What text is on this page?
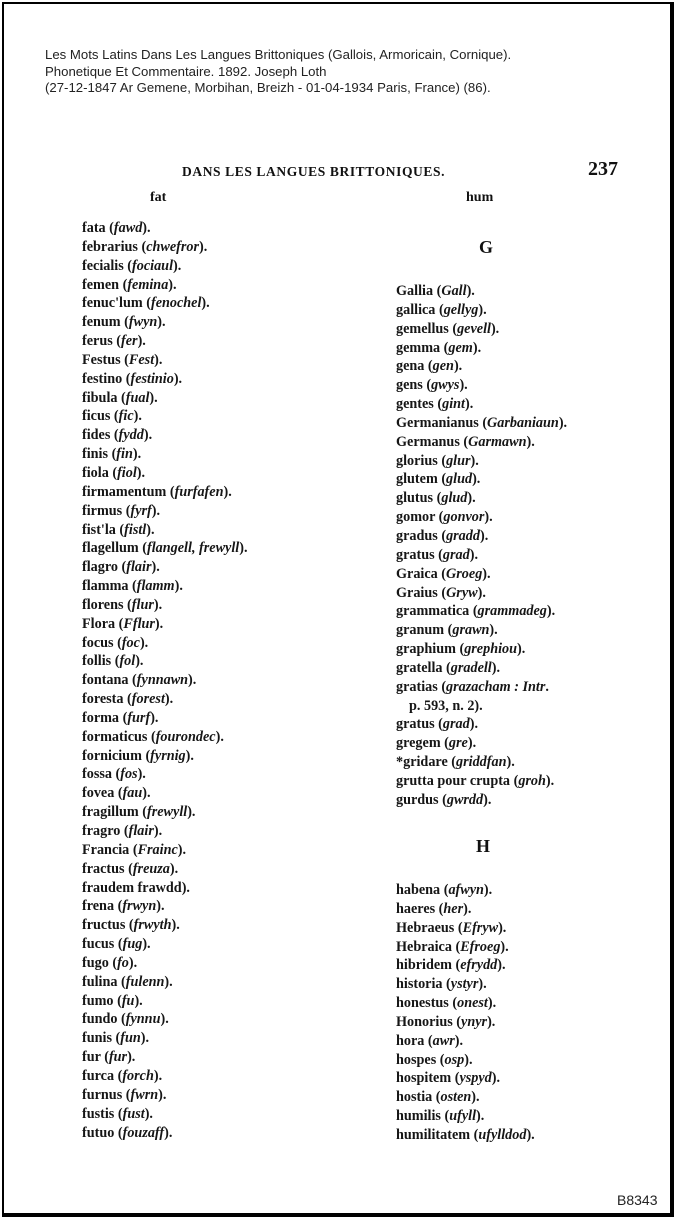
Les Mots Latins Dans Les Langues Brittoniques (Gallois, Armoricain, Cornique).
Phonetique Et Commentaire. 1892. Joseph Loth
(27-12-1847 Ar Gemene, Morbihan, Breizh - 01-04-1934 Paris, France) (86).
DANS LES LANGUES BRITTONIQUES.	237
fat	hum
fata (fawd).
febrarius (chwefror).
fecialis (fociaul).
femen (femina).
fenuc'lum (fenochel).
fenum (fwyn).
ferus (fer).
Festus (Fest).
festino (festinio).
fibula (fual).
ficus (fic).
fides (fydd).
finis (fin).
fiola (fiol).
firmamentum (furfafen).
firmus (fyrf).
fist'la (fistl).
flagellum (flangell, frewyll).
flagro (flair).
flamma (flamm).
florens (flur).
Flora (Fflur).
focus (foc).
follis (fol).
fontana (fynnawn).
foresta (forest).
forma (furf).
formaticus (fourondec).
fornicium (fyrnig).
fossa (fos).
fovea (fau).
fragillum (frewyll).
fragro (flair).
Francia (Frainc).
fractus (freuza).
fraudem frawdd).
frena (frwyn).
fructus (frwyth).
fucus (fug).
fugo (fo).
fulina (fulenn).
fumo (fu).
fundo (fynnu).
funis (fun).
fur (fur).
furca (forch).
furnus (fwrn).
fustis (fust).
futuo (fouzaff).
G
Gallia (Gall).
gallica (gellyg).
gemellus (gevell).
gemma (gem).
gena (gen).
gens (gwys).
gentes (gint).
Germanianus (Garbaniaun).
Germanus (Garmawn).
glorius (glur).
glutem (glud).
glutus (glud).
gomor (gonvor).
gradus (gradd).
gratus (grad).
Graica (Groeg).
Graius (Gryw).
grammatica (grammadeg).
granum (grawn).
graphium (grephiou).
gratella (gradell).
gratias (grazacham : Intr.
p. 593, n. 2).
gratus (grad).
gregem (gre).
*gridare (griddfan).
grutta pour crupta (groh).
gurdus (gwrdd).
H
habena (afwyn).
haeres (her).
Hebraeus (Efryw).
Hebraica (Efroeg).
hibridem (efrydd).
historia (ystyr).
honestus (onest).
Honorius (ynyr).
hora (awr).
hospes (osp).
hospitem (yspyd).
hostia (osten).
humilis (ufyll).
humilitatem (ufylldod).
B8343
